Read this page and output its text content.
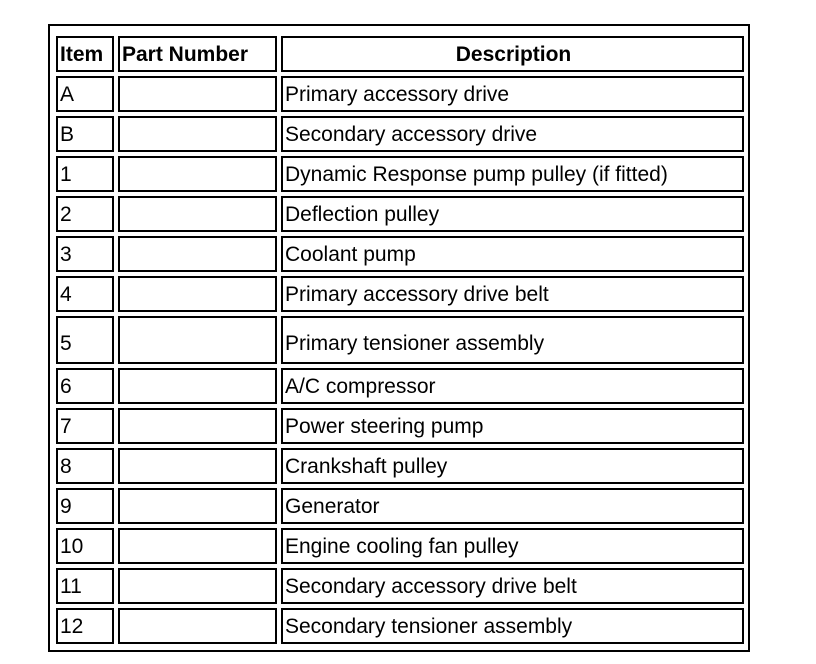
Item	Part Number	Description
A		Primary accessory drive
B		Secondary accessory drive
1		Dynamic Response pump pulley (if fitted)
2		Deflection pulley
3		Coolant pump
4		Primary accessory drive belt
5		Primary tensioner assembly
6		A/C compressor
7		Power steering pump
8		Crankshaft pulley
9		Generator
10		Engine cooling fan pulley
11		Secondary accessory drive belt
12		Secondary tensioner assembly
